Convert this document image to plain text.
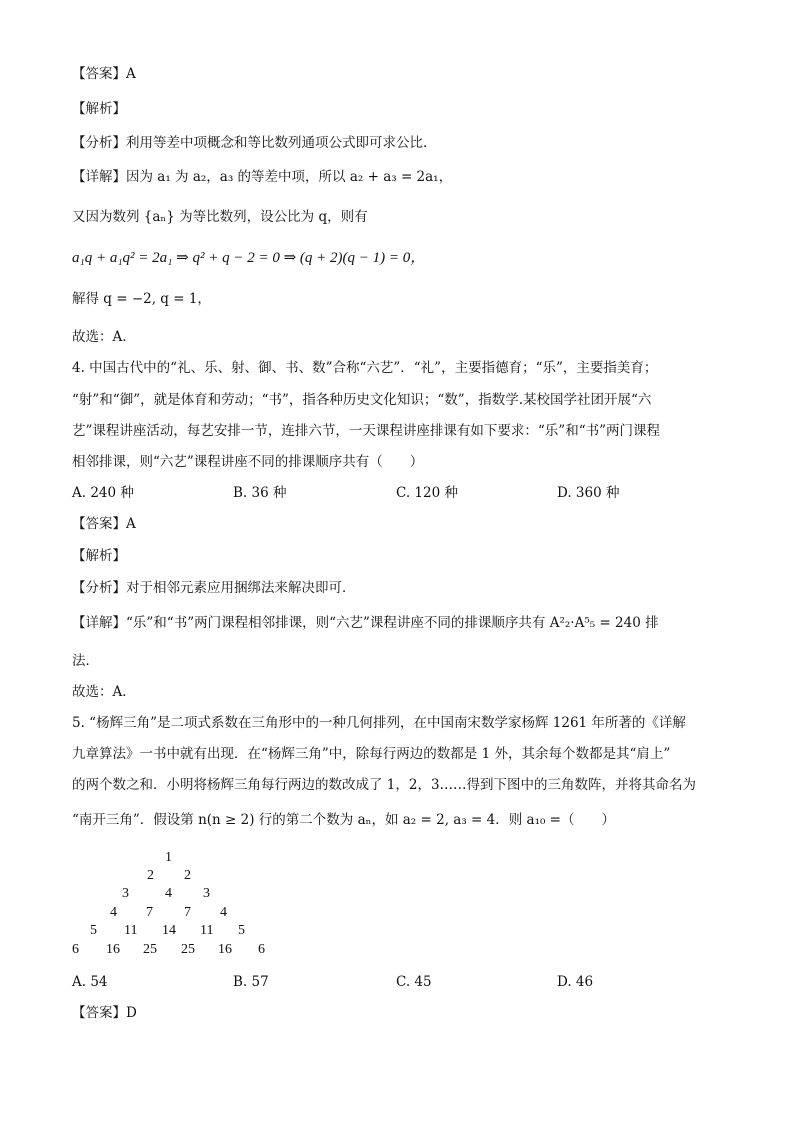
【答案】A
【解析】
【分析】利用等差中项概念和等比数列通项公式即可求公比.
【详解】因为 a₁ 为 a₂，a₃ 的等差中项，所以 a₂ + a₃ = 2a₁，
又因为数列 {aₙ} 为等比数列，设公比为 q，则有
a₁q + a₁q² = 2a₁ ⇒ q² + q − 2 = 0 ⇒ (q + 2)(q − 1) = 0，
解得 q = −2, q = 1，
故选：A.
4. 中国古代中的“礼、乐、射、御、书、数”合称“六艺”．“礼”，主要指德育；“乐”，主要指美育；
“射”和“御”，就是体育和劳动；“书”，指各种历史文化知识；“数”，指数学.某校国学社团开展“六
艺”课程讲座活动，每艺安排一节，连排六节，一天课程讲座排课有如下要求：“乐”和“书”两门课程
相邻排课，则“六艺”课程讲座不同的排课顺序共有（　　）
A. 240 种	B. 36 种	C. 120 种	D. 360 种
【答案】A
【解析】
【分析】对于相邻元素应用捆绑法来解决即可．
【详解】“乐”和“书”两门课程相邻排课，则“六艺”课程讲座不同的排课顺序共有 A²₂·A⁵₅ = 240 排
法．
故选：A．
5. “杨辉三角”是二项式系数在三角形中的一种几何排列，在中国南宋数学家杨辉 1261 年所著的《详解
九章算法》一书中就有出现．在“杨辉三角”中，除每行两边的数都是 1 外，其余每个数都是其“肩上”
的两个数之和．小明将杨辉三角每行两边的数改成了 1，2，3……得到下图中的三角数阵，并将其命名为
“南开三角”．假设第 n(n ≥ 2) 行的第二个数为 aₙ，如 a₂ = 2, a₃ = 4．则 a₁₀ =（　　）
1
2 2
3	4 3
4 7 7 4
5 11 14 11 5
6 16 25 25 16 6
A. 54	B. 57	C. 45	D. 46
【答案】D
